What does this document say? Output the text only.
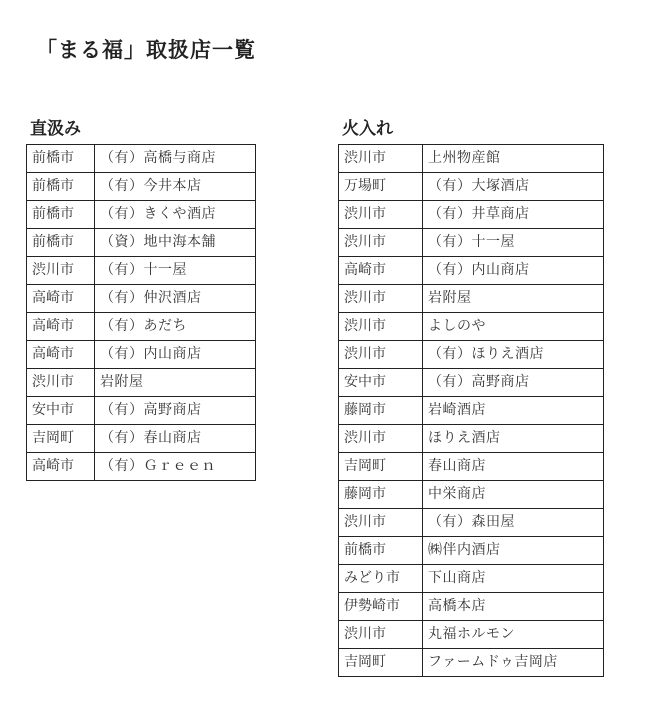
「まる福」取扱店一覧
直汲み	火入れ
前橋市	（有）高橋与商店
前橋市	（有）今井本店
前橋市	（有）きくや酒店
前橋市	（資）地中海本舗
渋川市	（有）十一屋
高崎市	（有）仲沢酒店
高崎市	（有）あだち
高崎市	（有）内山商店
渋川市	岩附屋
安中市	（有）高野商店
吉岡町	（有）春山商店
高崎市	（有）Ｇｒｅｅｎ
渋川市	上州物産館
万場町	（有）大塚酒店
渋川市	（有）井草商店
渋川市	（有）十一屋
高崎市	（有）内山商店
渋川市	岩附屋
渋川市	よしのや
渋川市	（有）ほりえ酒店
安中市	（有）高野商店
藤岡市	岩崎酒店
渋川市	ほりえ酒店
吉岡町	春山商店
藤岡市	中栄商店
渋川市	（有）森田屋
前橋市	㈱伴内酒店
みどり市	下山商店
伊勢崎市	高橋本店
渋川市	丸福ホルモン
吉岡町	ファームドゥ吉岡店
